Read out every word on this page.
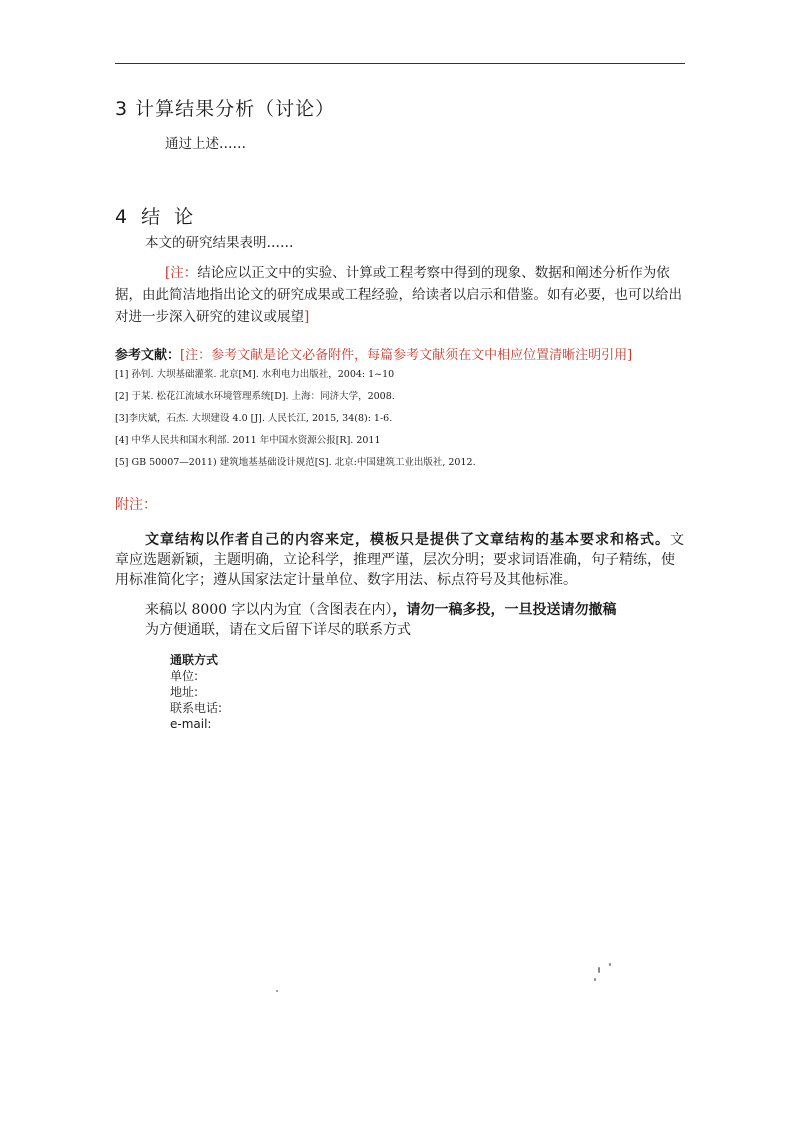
3 计算结果分析（讨论）
通过上述……
4 结 论
本文的研究结果表明……
[注：结论应以正文中的实验、计算或工程考察中得到的现象、数据和阐述分析作为依据，由此简洁地指出论文的研究成果或工程经验，给读者以启示和借鉴。如有必要，也可以给出对进一步深入研究的建议或展望]
参考文献：[注：参考文献是论文必备附件，每篇参考文献须在文中相应位置清晰注明引用]
[1] 孙钊. 大坝基础灌浆. 北京[M]. 水利电力出版社，2004: 1~10
[2] 于某. 松花江流域水环境管理系统[D]. 上海：同济大学，2008.
[3]李庆斌，石杰. 大坝建设 4.0 [J]. 人民长江, 2015, 34(8): 1-6.
[4] 中华人民共和国水利部. 2011 年中国水资源公报[R]. 2011
[5] GB 50007—2011) 建筑地基基础设计规范[S]. 北京:中国建筑工业出版社, 2012.
附注：
文章结构以作者自己的内容来定，模板只是提供了文章结构的基本要求和格式。文章应选题新颖，主题明确，立论科学，推理严谨，层次分明；要求词语准确，句子精练，使用标准简化字；遵从国家法定计量单位、数字用法、标点符号及其他标准。
来稿以 8000 字以内为宜（含图表在内），请勿一稿多投，一旦投送请勿撤稿
为方便通联，请在文后留下详尽的联系方式
通联方式
单位:
地址:
联系电话:
e-mail:
